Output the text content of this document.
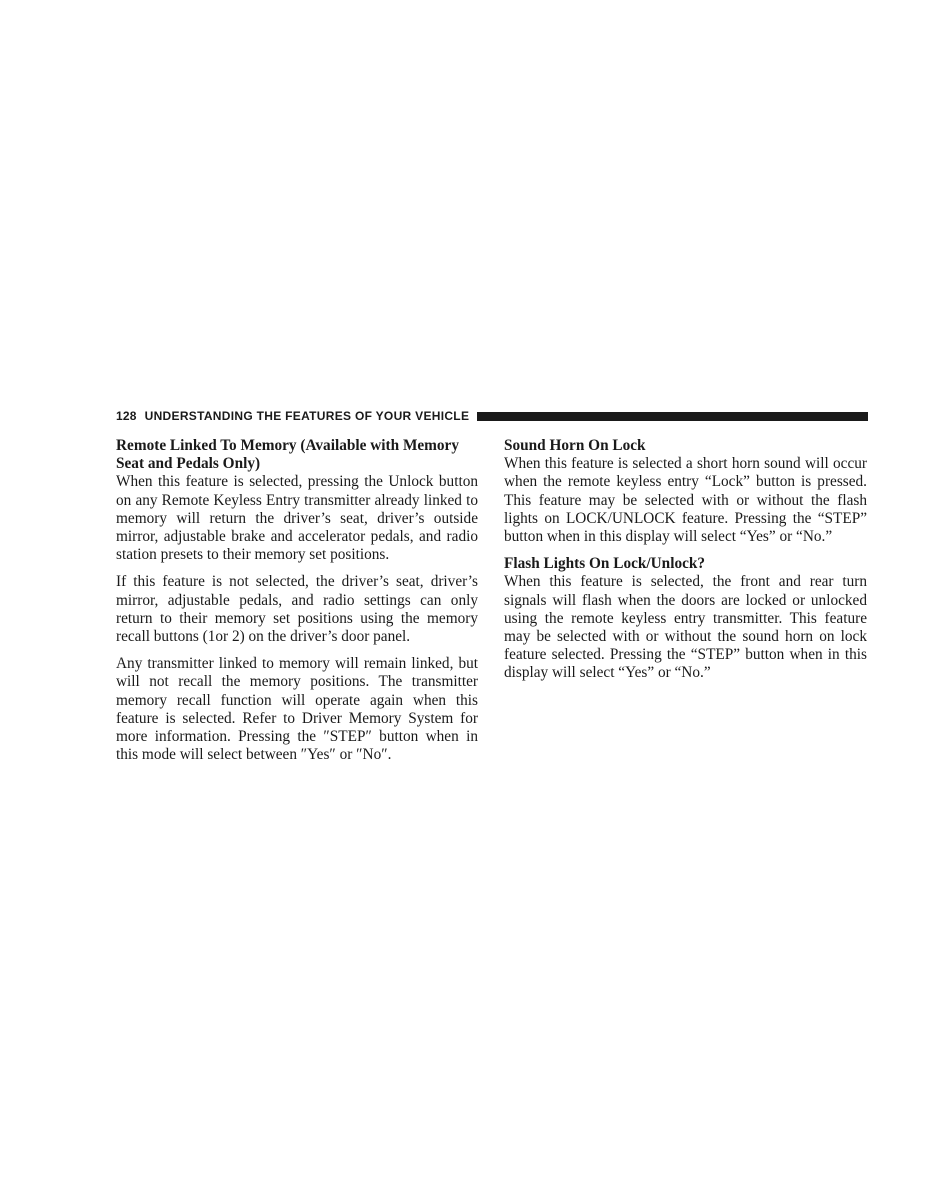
128 UNDERSTANDING THE FEATURES OF YOUR VEHICLE

Remote Linked To Memory (Available with Memory Seat and Pedals Only)

When this feature is selected, pressing the Unlock button on any Remote Keyless Entry transmitter already linked to memory will return the driver’s seat, driver’s outside mirror, adjustable brake and accelerator pedals, and radio station presets to their memory set positions.

If this feature is not selected, the driver’s seat, driver’s mirror, adjustable pedals, and radio settings can only return to their memory set positions using the memory recall buttons (1or 2) on the driver’s door panel.

Any transmitter linked to memory will remain linked, but will not recall the memory positions. The transmitter memory recall function will operate again when this feature is selected. Refer to Driver Memory System for more information. Pressing the ″STEP″ button when in this mode will select between ″Yes″ or ″No″.

Sound Horn On Lock

When this feature is selected a short horn sound will occur when the remote keyless entry “Lock” button is pressed. This feature may be selected with or without the flash lights on LOCK/UNLOCK feature. Pressing the “STEP” button when in this display will select “Yes” or “No.”

Flash Lights On Lock/Unlock?

When this feature is selected, the front and rear turn signals will flash when the doors are locked or unlocked using the remote keyless entry transmitter. This feature may be selected with or without the sound horn on lock feature selected. Pressing the “STEP” button when in this display will select “Yes” or “No.”
